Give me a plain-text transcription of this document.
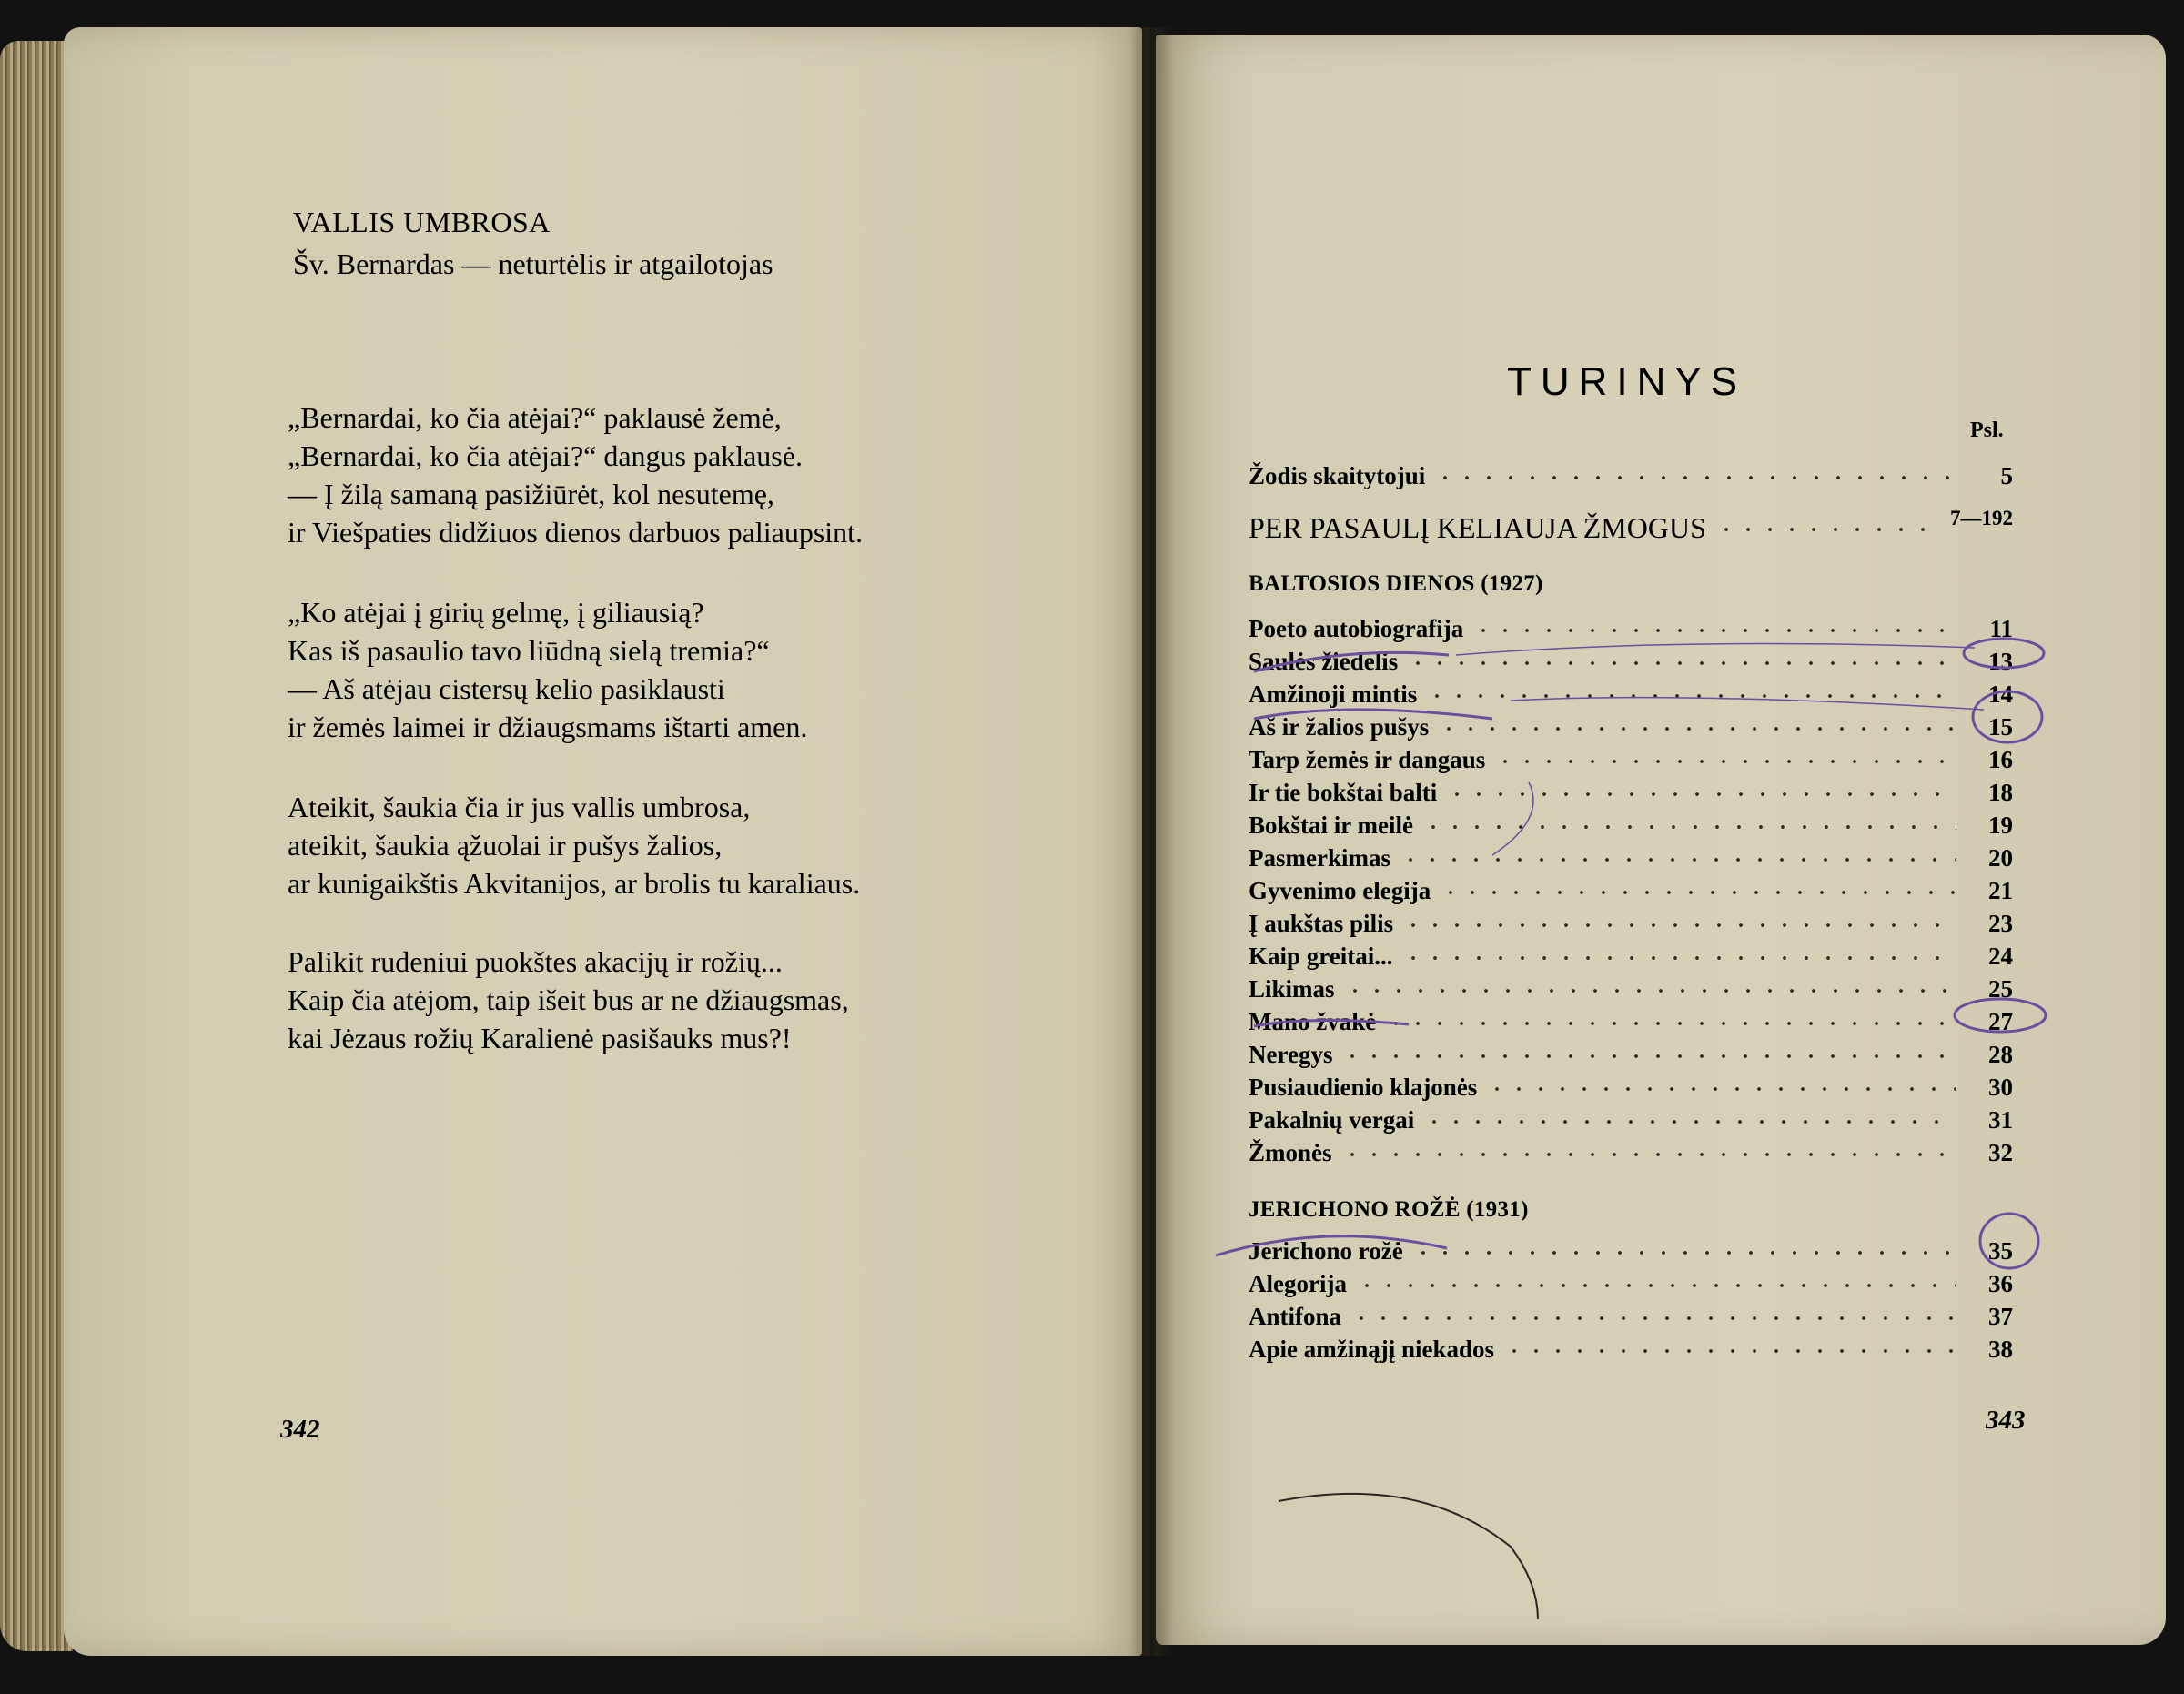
VALLIS UMBROSA
Šv. Bernardas — neturtėlis ir atgailotojas
„Bernardai, ko čia atėjai?“ paklausė žemė,
„Bernardai, ko čia atėjai?“ dangus paklausė.
— Į žilą samaną pasižiūrėt, kol nesutemę,
ir Viešpaties didžiuos dienos darbuos paliaupsint.
„Ko atėjai į girių gelmę, į giliausią?
Kas iš pasaulio tavo liūdną sielą tremia?“
— Aš atėjau cistersų kelio pasiklausti
ir žemės laimei ir džiaugsmams ištarti amen.
Ateikit, šaukia čia ir jus vallis umbrosa,
ateikit, šaukia ąžuolai ir pušys žalios,
ar kunigaikštis Akvitanijos, ar brolis tu karaliaus.
Palikit rudeniui puokštes akacijų ir rožių...
Kaip čia atėjom, taip išeit bus ar ne džiaugsmas,
kai Jėzaus rožių Karalienė pasišauks mus?!
342
TURINYS
Psl.
Žodis skaitytojui	5
PER PASAULĮ KELIAUJA ŽMOGUS	7—192
BALTOSIOS DIENOS (1927)
Poeto autobiografija	11
Saulės žiedelis	13
Amžinoji mintis	14
Aš ir žalios pušys	15
Tarp žemės ir dangaus	16
Ir tie bokštai balti	18
Bokštai ir meilė	19
Pasmerkimas	20
Gyvenimo elegija	21
Į aukštas pilis	23
Kaip greitai...	24
Likimas	25
Mano žvakė	27
Neregys	28
Pusiaudienio klajonės	30
Pakalnių vergai	31
Žmonės	32
JERICHONO ROŽĖ (1931)
Jerichono rožė	35
Alegorija	36
Antifona	37
Apie amžinąjį niekados	38
343
